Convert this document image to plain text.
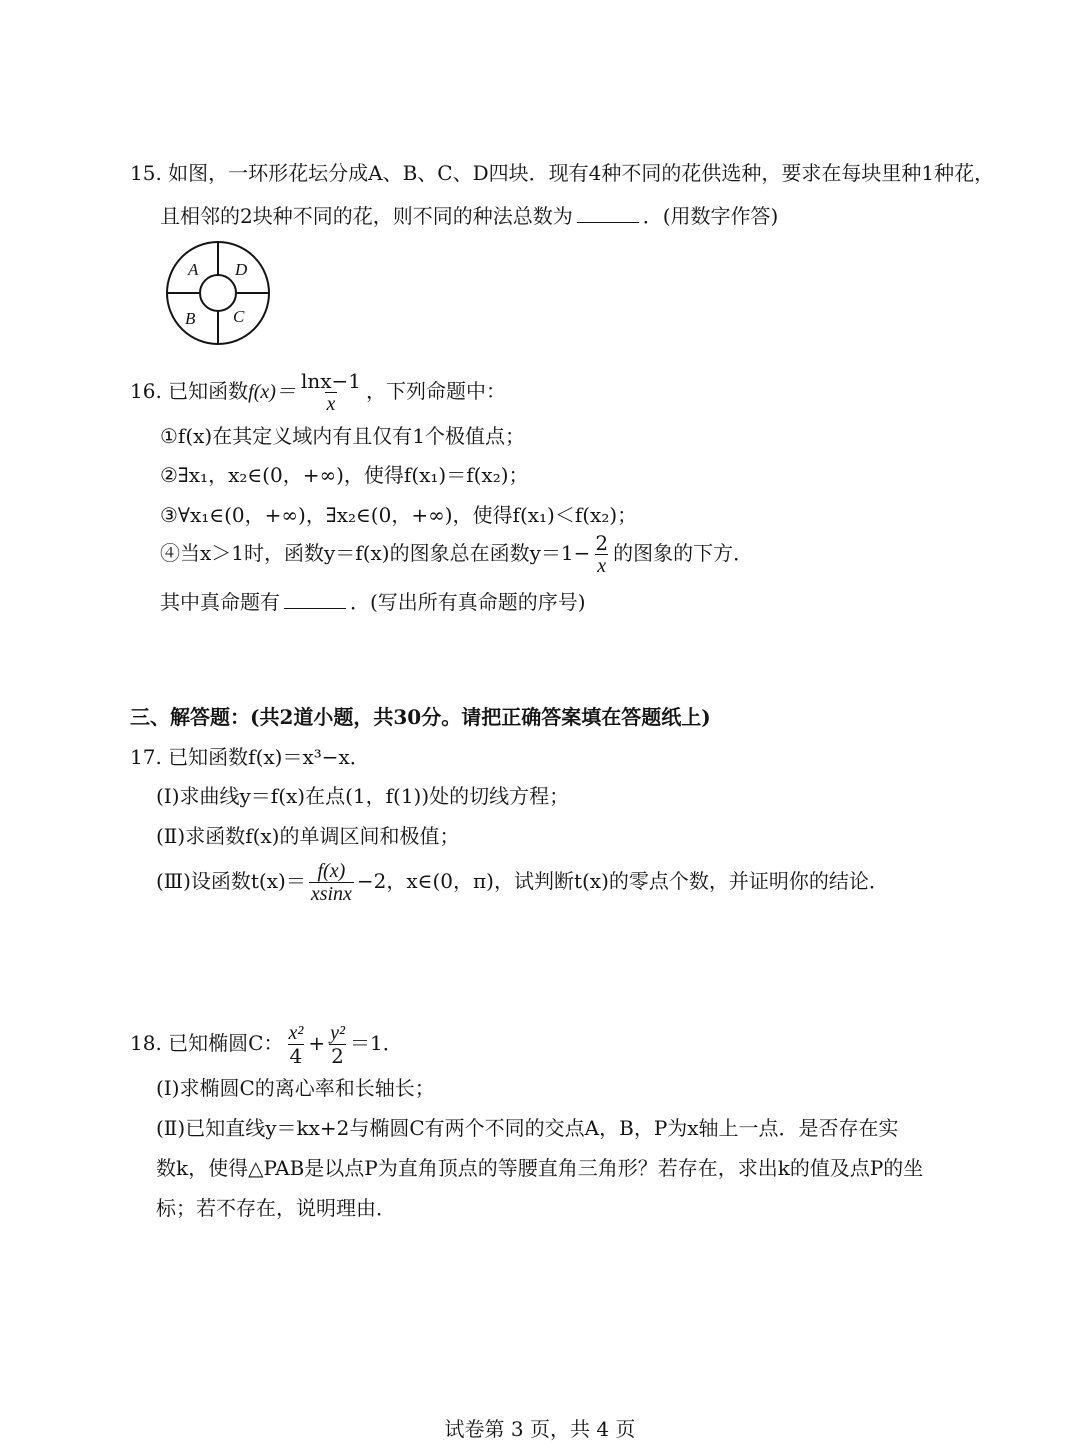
15. 如图，一环形花坛分成A、B、C、D四块．现有4种不同的花供选种，要求在每块里种1种花，
且相邻的2块种不同的花，则不同的种法总数为	．(用数字作答)
A D
B C
16. 已知函数$f(x)= \frac{\ln x-1}{x}$ ，下列命题中：
①f(x)在其定义域内有且仅有1个极值点；
②∃x₁，x₂∈(0，+∞)，使得f(x₁)＝f(x₂)；
③∀x₁∈(0，+∞)，∃x₂∈(0，+∞)，使得f(x₁)＜f(x₂)；
④当x＞1时，函数y＝f(x)的图象总在函数$y=1- \frac{2}{x}$ 的图象的下方．
其中真命题有	．(写出所有真命题的序号)
三、解答题：(共2道小题，共30分。请把正确答案填在答题纸上)
17. 已知函数f(x)＝x³−x．
(Ⅰ)求曲线y＝f(x)在点(1，f(1))处的切线方程；
(Ⅱ)求函数f(x)的单调区间和极值；
(Ⅲ)设函数$t(x)= \frac{f(x)}{xsinx} -2$，x∈(0，π)，试判断t(x)的零点个数，并证明你的结论．
18. 已知椭圆C： $\frac{\text{x²}}{4} + \frac{\text{y²}}{2} =1$．
(Ⅰ)求椭圆C的离心率和长轴长；
(Ⅱ)已知直线y＝kx+2与椭圆C有两个不同的交点A，B，P为x轴上一点．是否存在实
数k，使得△PAB是以点P为直角顶点的等腰直角三角形？若存在，求出k的值及点P的坐
标；若不存在，说明理由．
试卷第 3 页，共 4 页
